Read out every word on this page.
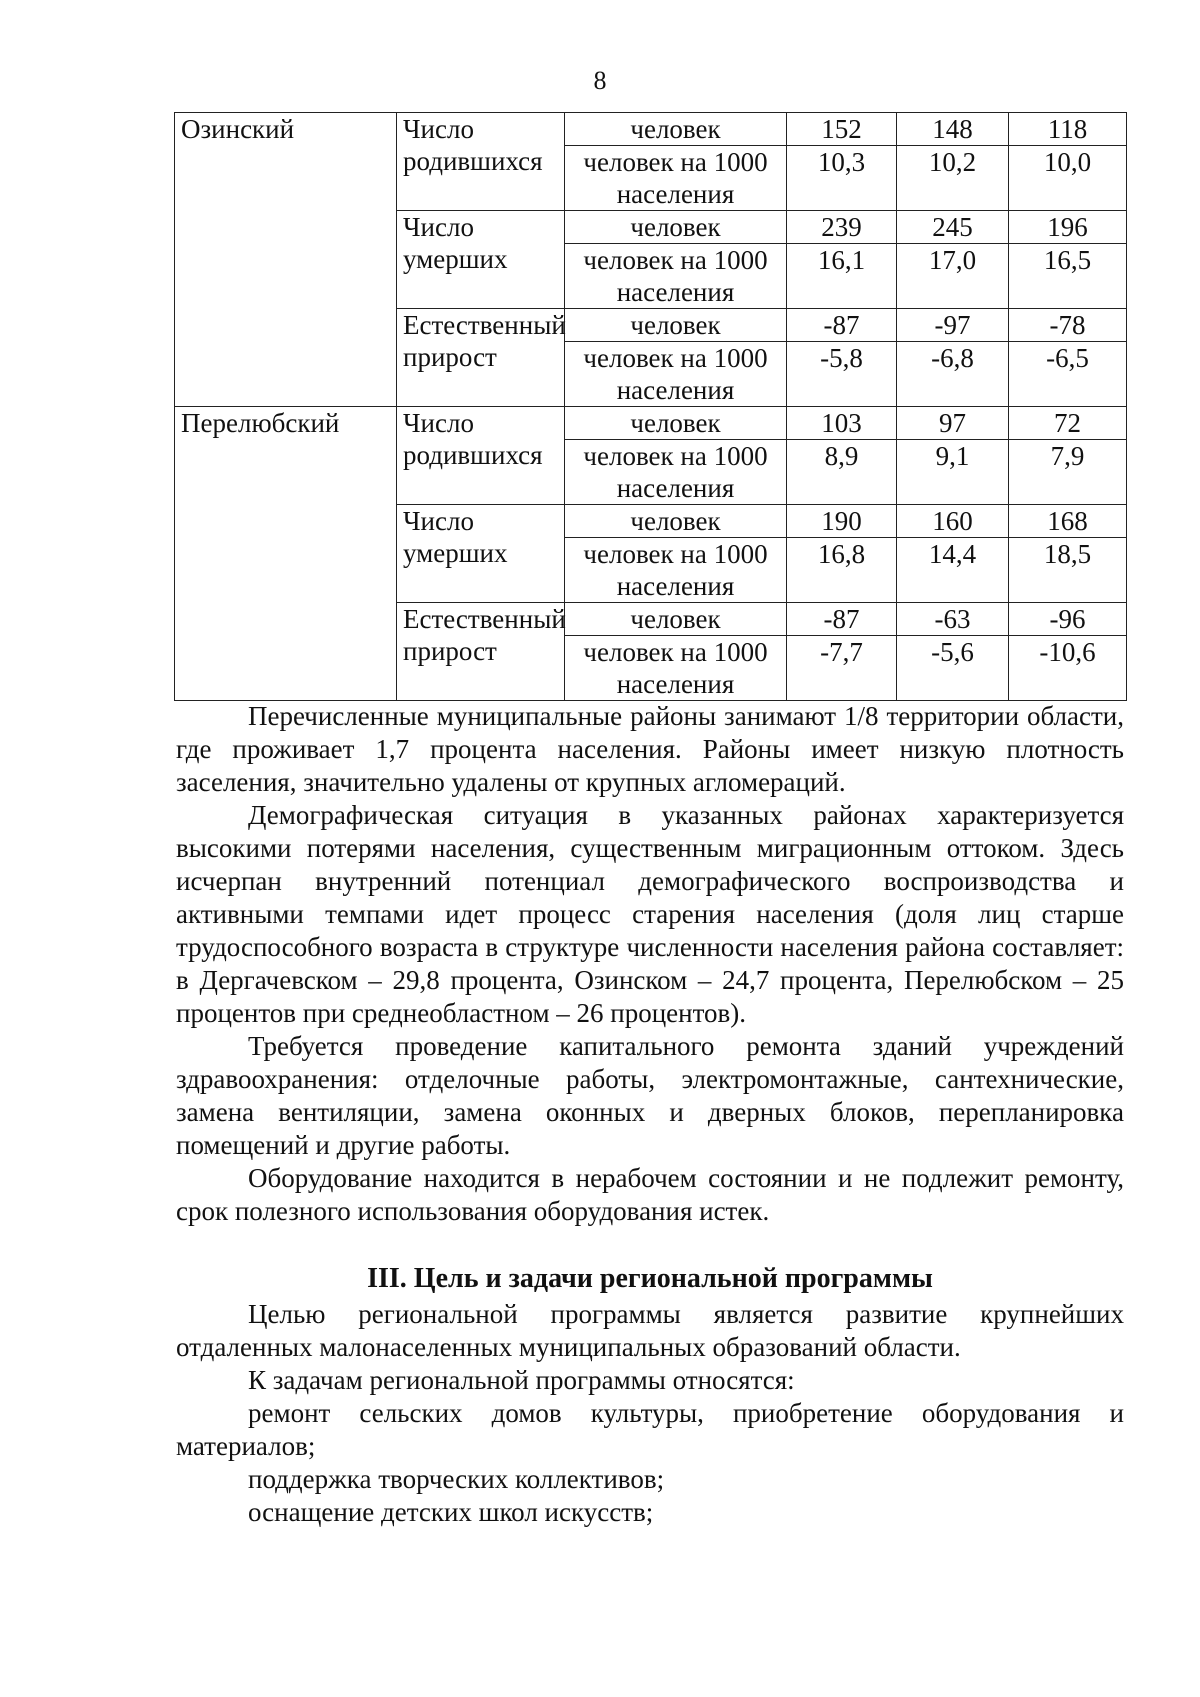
8
Озинский	Число родившихся	человек	152	148	118
		человек на 1000 населения	10,3	10,2	10,0
	Число умерших	человек	239	245	196
		человек на 1000 населения	16,1	17,0	16,5
	Естественный прирост	человек	-87	-97	-78
		человек на 1000 населения	-5,8	-6,8	-6,5
Перелюбский	Число родившихся	человек	103	97	72
		человек на 1000 населения	8,9	9,1	7,9
	Число умерших	человек	190	160	168
		человек на 1000 населения	16,8	14,4	18,5
	Естественный прирост	человек	-87	-63	-96
		человек на 1000 населения	-7,7	-5,6	-10,6

Перечисленные муниципальные районы занимают 1/8 территории области, где проживает 1,7 процента населения. Районы имеет низкую плотность заселения, значительно удалены от крупных агломераций.

Демографическая ситуация в указанных районах характеризуется высокими потерями населения, существенным миграционным оттоком. Здесь исчерпан внутренний потенциал демографического воспроизводства и активными темпами идет процесс старения населения (доля лиц старше трудоспособного возраста в структуре численности населения района составляет: в Дергачевском – 29,8 процента, Озинском – 24,7 процента, Перелюбском – 25 процентов при среднеобластном – 26 процентов).

Требуется проведение капитального ремонта зданий учреждений здравоохранения: отделочные работы, электромонтажные, сантехнические, замена вентиляции, замена оконных и дверных блоков, перепланировка помещений и другие работы.

Оборудование находится в нерабочем состоянии и не подлежит ремонту, срок полезного использования оборудования истек.

III. Цель и задачи региональной программы

Целью региональной программы является развитие крупнейших отдаленных малонаселенных муниципальных образований области.

К задачам региональной программы относятся:

ремонт сельских домов культуры, приобретение оборудования и материалов;

поддержка творческих коллективов;

оснащение детских школ искусств;
